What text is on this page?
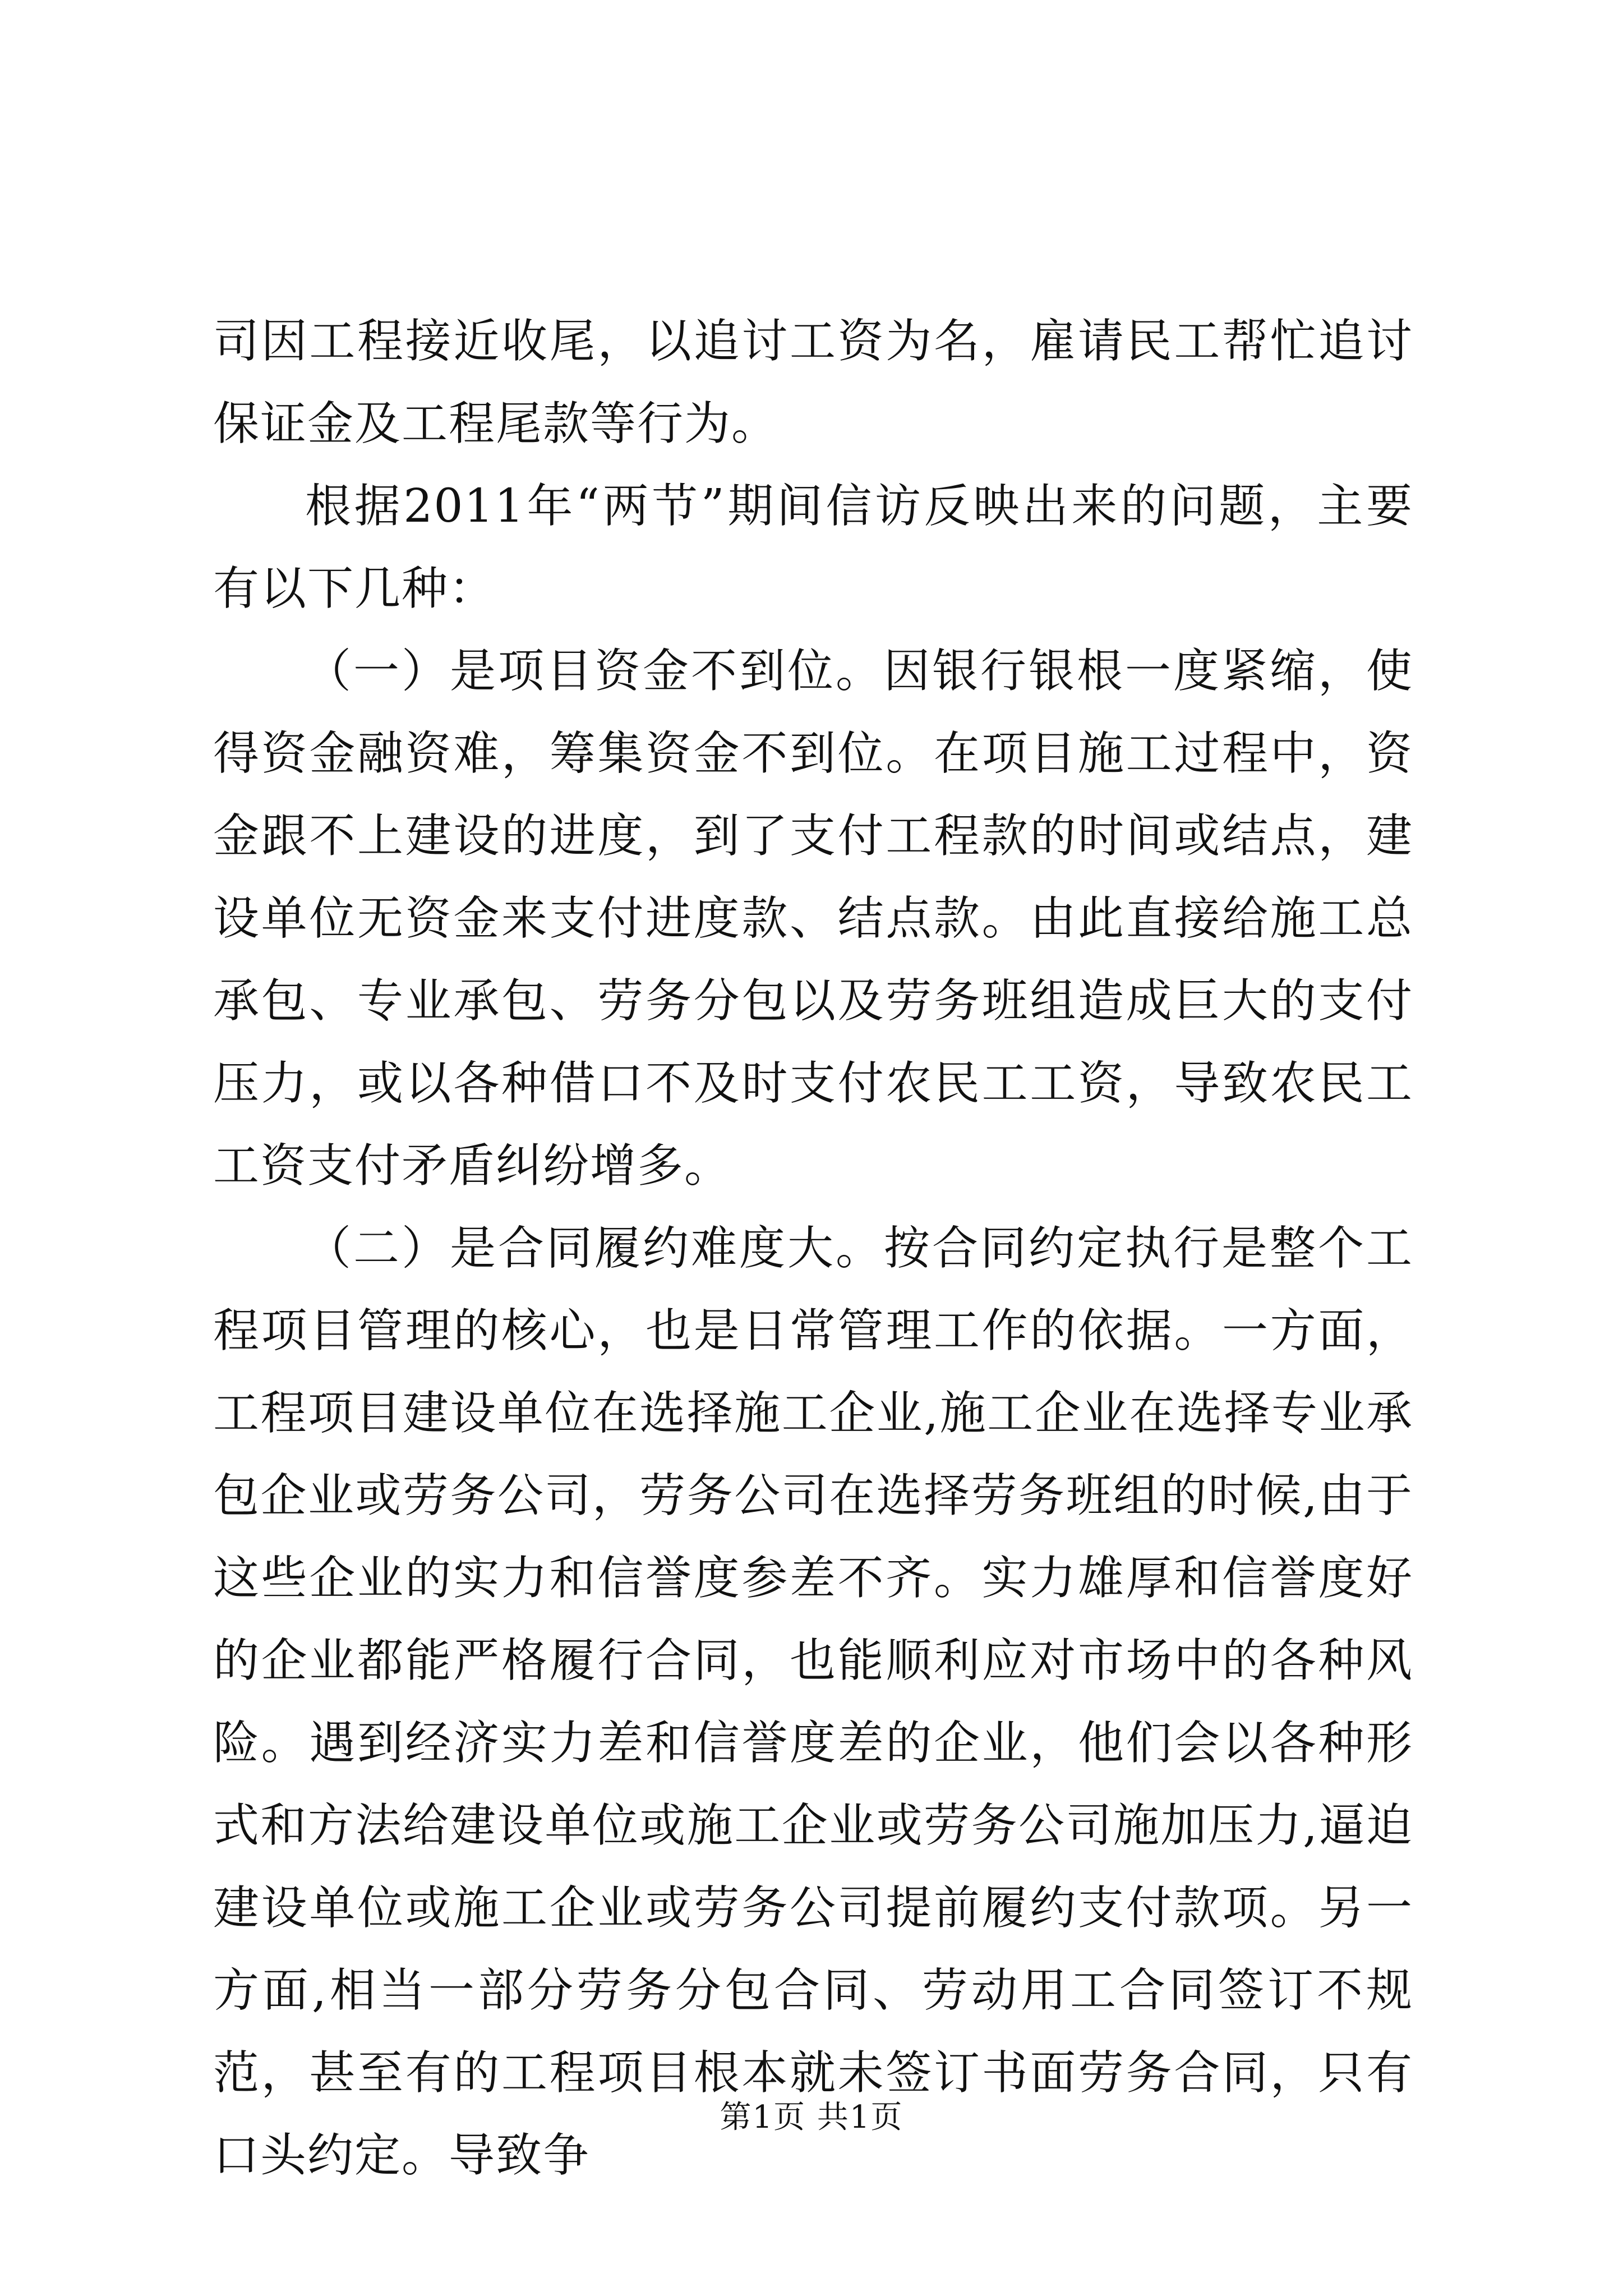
司因工程接近收尾，以追讨工资为名，雇请民工帮忙追讨保证金及工程尾款等行为。

根据2011年“两节”期间信访反映出来的问题，主要有以下几种：

（一）是项目资金不到位。因银行银根一度紧缩，使得资金融资难，筹集资金不到位。在项目施工过程中，资金跟不上建设的进度，到了支付工程款的时间或结点，建设单位无资金来支付进度款、结点款。由此直接给施工总承包、专业承包、劳务分包以及劳务班组造成巨大的支付压力，或以各种借口不及时支付农民工工资，导致农民工工资支付矛盾纠纷增多。

（二）是合同履约难度大。按合同约定执行是整个工程项目管理的核心，也是日常管理工作的依据。一方面，工程项目建设单位在选择施工企业,施工企业在选择专业承包企业或劳务公司，劳务公司在选择劳务班组的时候,由于这些企业的实力和信誉度参差不齐。实力雄厚和信誉度好的企业都能严格履行合同，也能顺利应对市场中的各种风险。遇到经济实力差和信誉度差的企业，他们会以各种形式和方法给建设单位或施工企业或劳务公司施加压力,逼迫建设单位或施工企业或劳务公司提前履约支付款项。另一方面,相当一部分劳务分包合同、劳动用工合同签订不规范，甚至有的工程项目根本就未签订书面劳务合同，只有口头约定。导致争

第1页 共1页
